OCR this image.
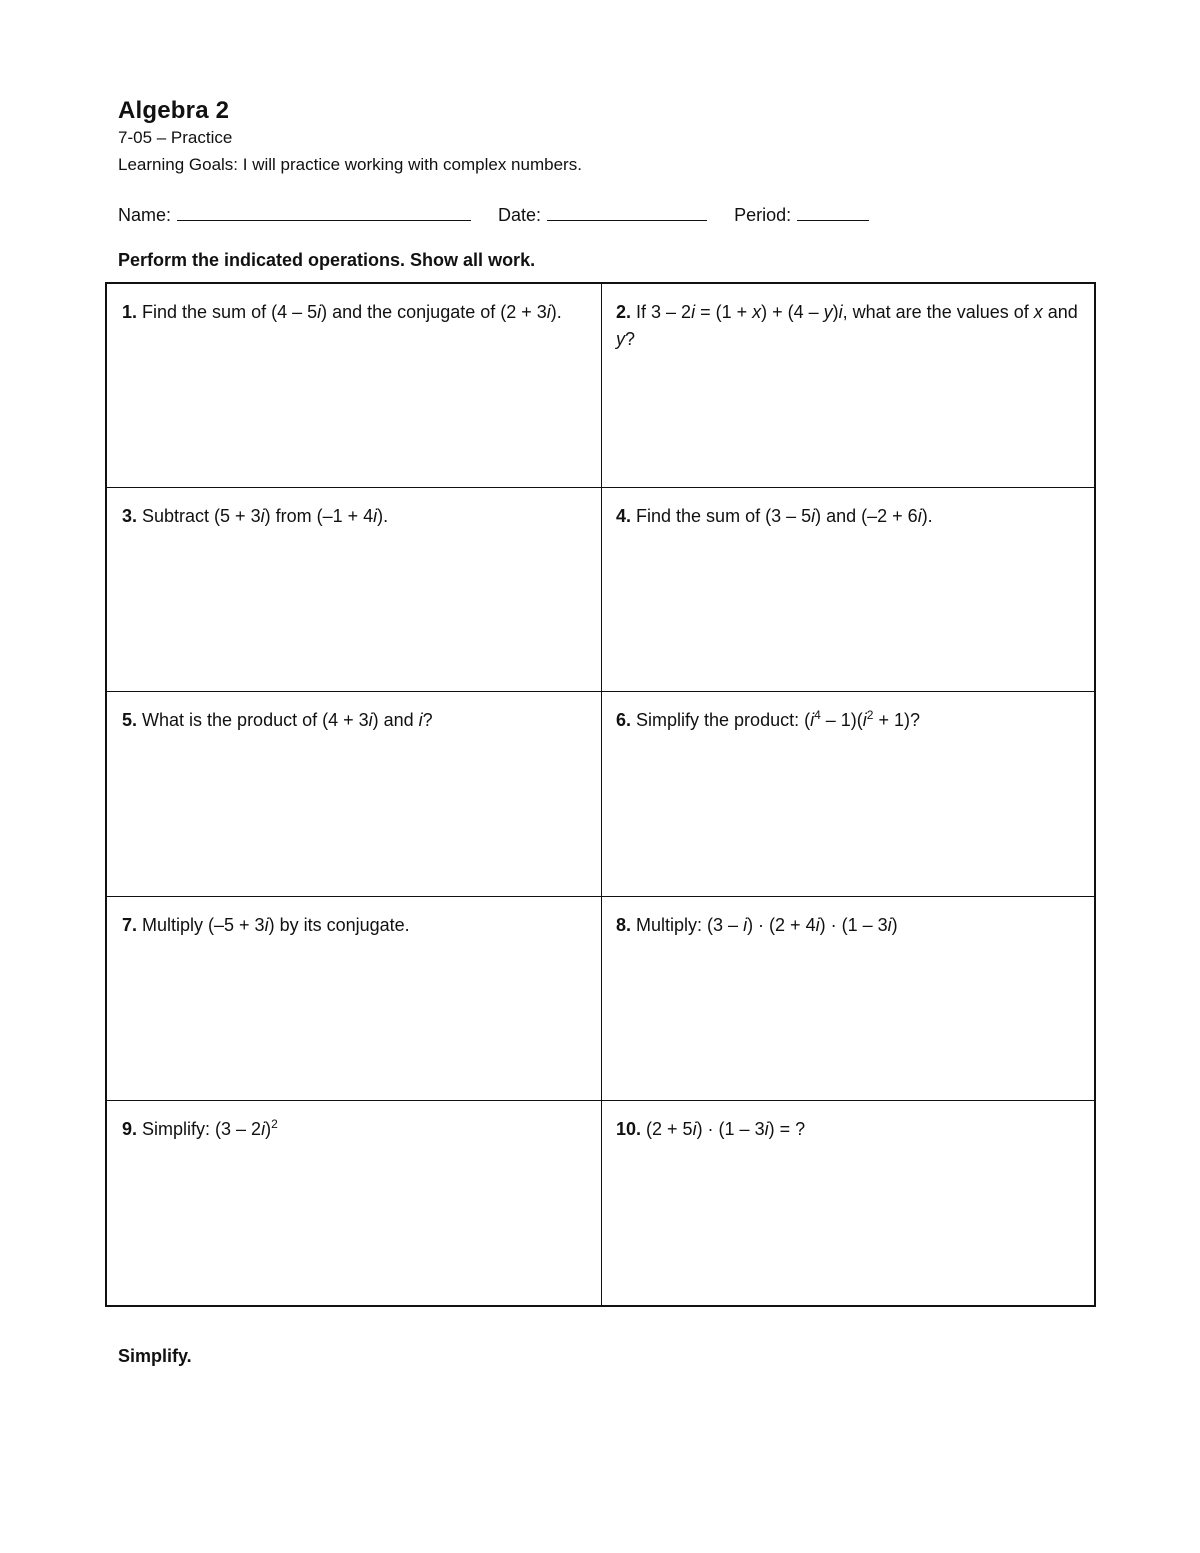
Algebra 2
7-05 – Practice
Learning Goals: I will practice working with complex numbers.
Name:	Date:	Period:
Perform the indicated operations. Show all work.
1. Find the sum of (4 – 5i) and the conjugate of (2 + 3i).	2. If 3 – 2i = (1 + x) + (4 – y)i, what are the values of x and y?
3. Subtract (5 + 3i) from (–1 + 4i).	4. Find the sum of (3 – 5i) and (–2 + 6i).
5. What is the product of (4 + 3i) and i?	6. Simplify the product: $(i^4 - 1)(i^2 + 1)$?
7. Multiply (–5 + 3i) by its conjugate.	8. Multiply: (3 – i) · (2 + 4i) · (1 – 3i)
9. Simplify: (3 – 2i)$^2$	10. (2 + 5i) · (1 – 3i) = ?
Simplify.
